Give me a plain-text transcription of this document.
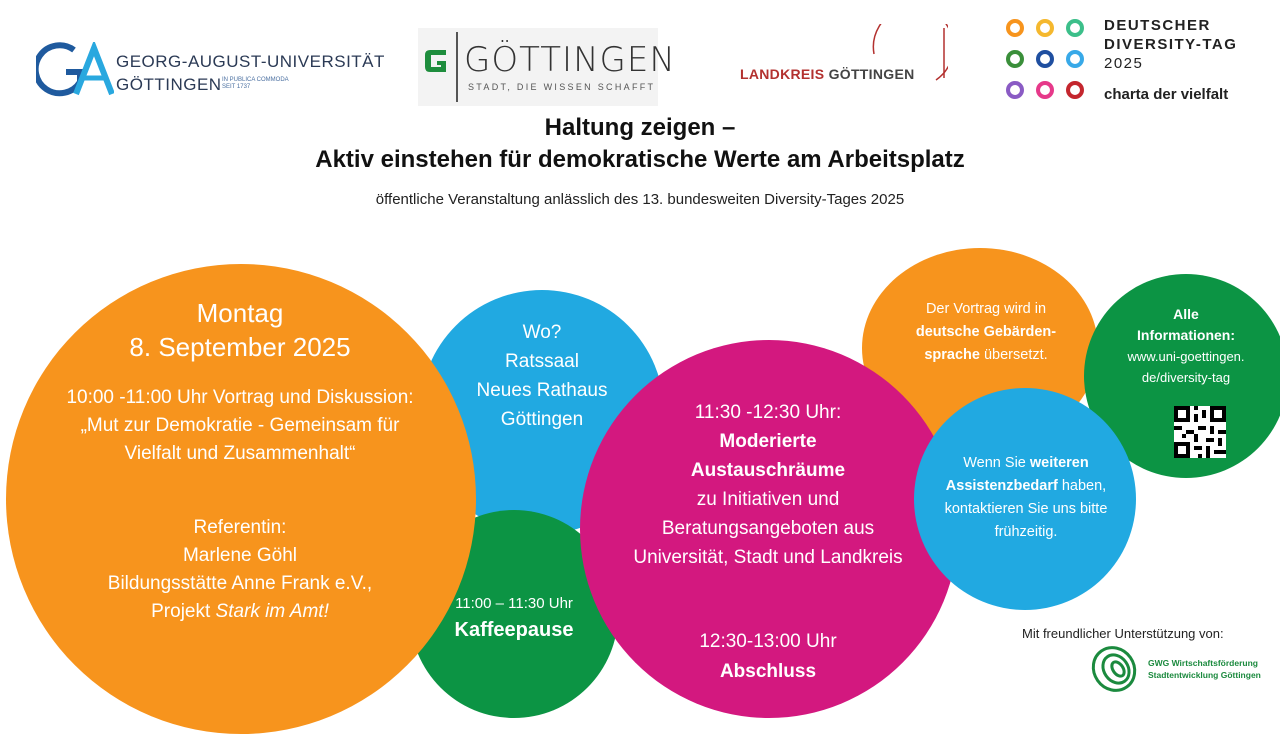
GEORG-AUGUST-UNIVERSITÄT
GÖTTINGEN IN PUBLICA COMMODA SEIT 1737
GÖTTINGEN
STADT, DIE WISSEN SCHAFFT
LANDKREIS GÖTTINGEN
DEUTSCHER
DIVERSITY-TAG
2025
charta der vielfalt
Haltung zeigen –
Aktiv einstehen für demokratische Werte am Arbeitsplatz
öffentliche Veranstaltung anlässlich des 13. bundesweiten Diversity-Tages 2025
Montag
8. September 2025
10:00 -11:00 Uhr Vortrag und Diskussion:
„Mut zur Demokratie - Gemeinsam für Vielfalt und Zusammenhalt“
Referentin:
Marlene Göhl
Bildungsstätte Anne Frank e.V.,
Projekt Stark im Amt!
Wo?
Ratssaal
Neues Rathaus
Göttingen
11:00 – 11:30 Uhr
Kaffeepause
11:30 -12:30 Uhr:
Moderierte
Austauschräume
zu Initiativen und Beratungsangeboten aus Universität, Stadt und Landkreis
12:30-13:00 Uhr
Abschluss
Der Vortrag wird in deutsche Gebärden-sprache übersetzt.
Alle Informationen:
www.uni-goettingen.de/diversity-tag
Wenn Sie weiteren Assistenzbedarf haben, kontaktieren Sie uns bitte frühzeitig.
Mit freundlicher Unterstützung von:
GWG Wirtschaftsförderung
Stadtentwicklung Göttingen
